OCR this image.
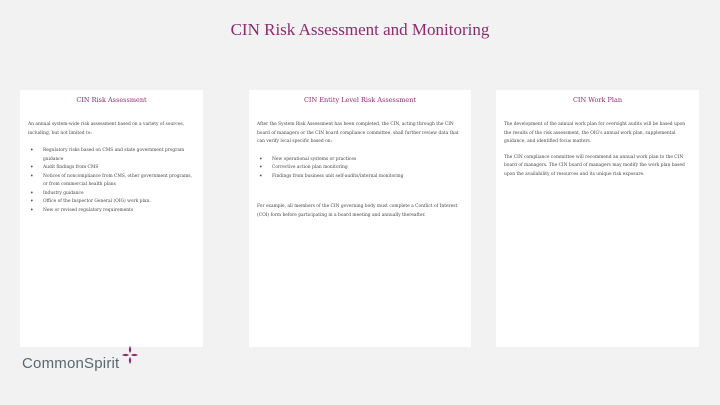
CIN Risk Assessment and Monitoring
CIN Risk Assessment

An annual system-wide risk assessment based on a variety of sources, including, but not limited to:

• Regulatory risks based on CMS and state government program guidance
• Audit findings from CMS
• Notices of noncompliance from CMS, other government programs, or from commercial health plans
• Industry guidance
• Office of the Inspector General (OIG) work plan.
• New or revised regulatory requirements
CIN Entity Level Risk Assessment

After the System Risk Assessment has been completed, the CIN, acting through the CIN board of managers or the CIN board compliance committee, shall further review data that can verify local specific based on:

• New operational systems or practices
• Corrective action plan monitoring
• Findings from business unit self-audits/internal monitoring

For example, all members of the CIN governing body must complete a Conflict of Interest (COI) form before participating in a board meeting and annually thereafter.

CIN Work Plan

The development of the annual work plan for oversight audits will be based upon the results of the risk assessment, the OIG's annual work plan, supplemental guidance, and identified focus matters.

The CIN compliance committee will recommend an annual work plan to the CIN board of managers. The CIN board of managers may modify the work plan based upon the availability of resources and its unique risk exposure.

CommonSpirit
